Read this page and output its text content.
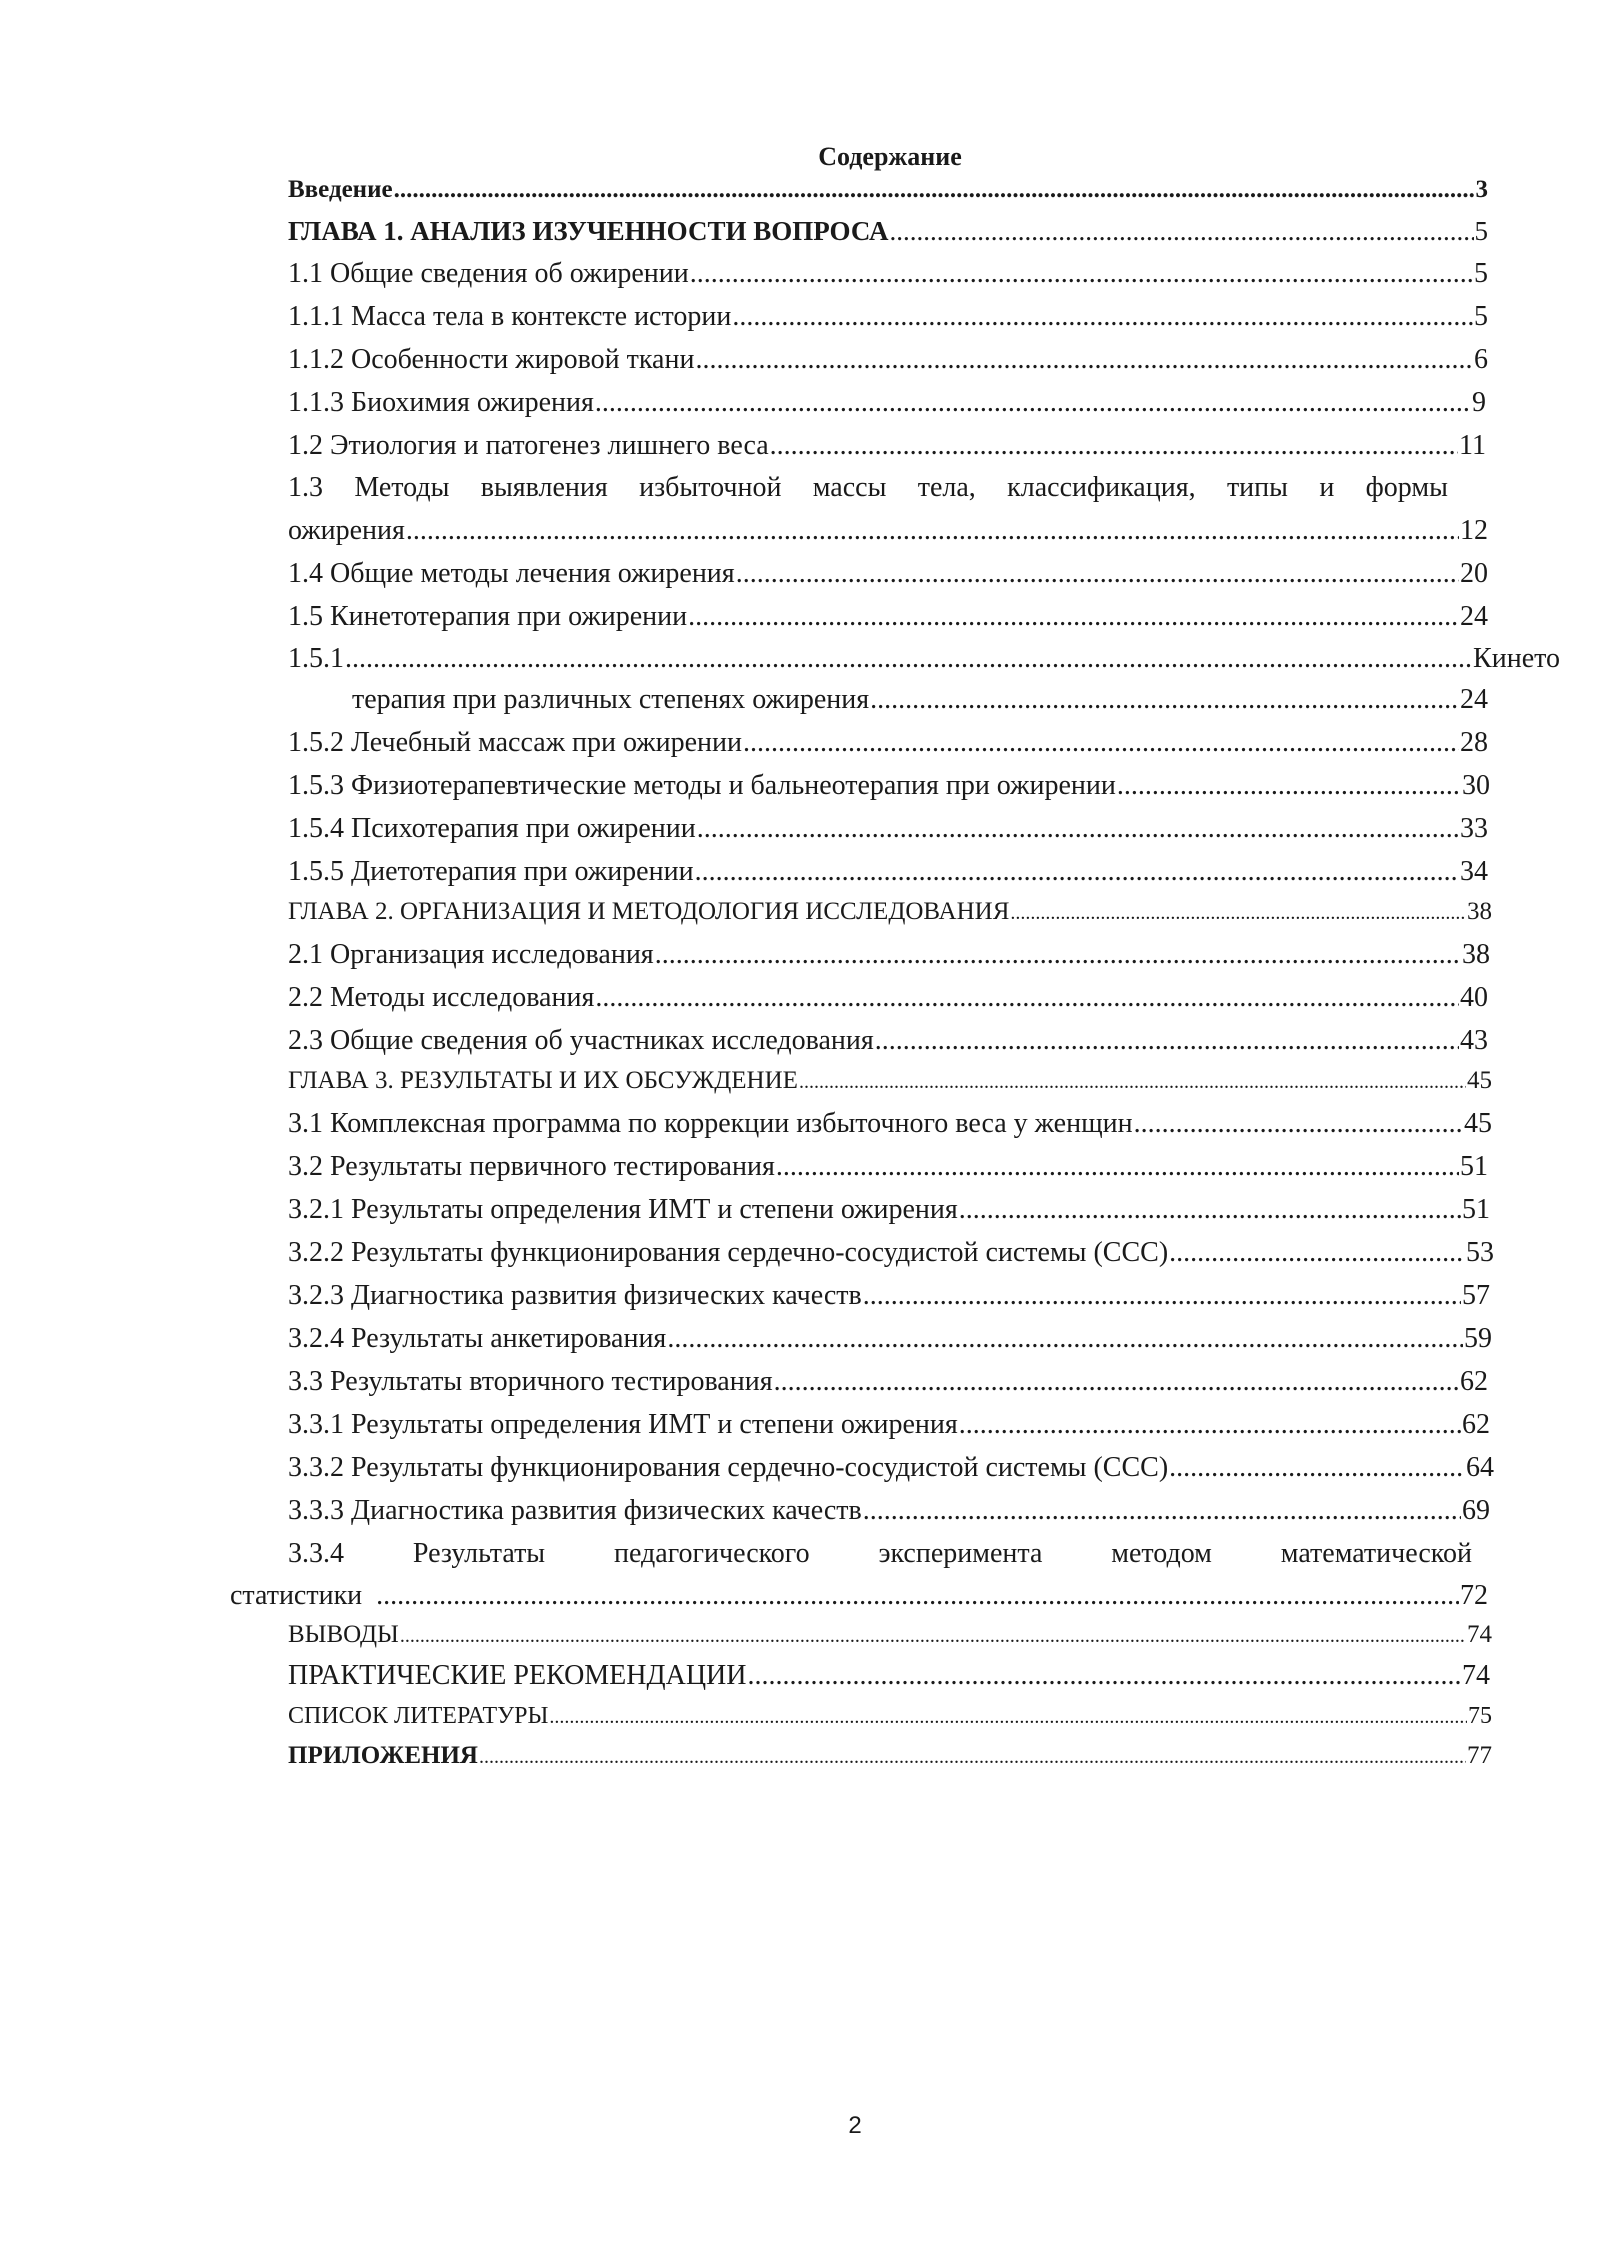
Содержание
Введение .....	3
ГЛАВА 1. АНАЛИЗ ИЗУЧЕННОСТИ ВОПРОСА .....	5
1.1 Общие сведения об ожирении .....	5
1.1.1 Масса тела в контексте истории .....	5
1.1.2 Особенности жировой ткани .....	6
1.1.3 Биохимия ожирения .....	9
1.2 Этиология и патогенез лишнего веса .....	11
1.3 Методы выявления избыточной массы тела, классификация, типы и формы
ожирения .....	12
1.4 Общие методы лечения ожирения .....	20
1.5 Кинетотерапия при ожирении .....	24
1.5.1 .....	Кинето
терапия при различных степенях ожирения .....	24
1.5.2 Лечебный массаж при ожирении .....	28
1.5.3 Физиотерапевтические методы и бальнеотерапия при ожирении .....	30
1.5.4 Психотерапия при ожирении .....	33
1.5.5 Диетотерапия при ожирении .....	34
ГЛАВА 2. ОРГАНИЗАЦИЯ И МЕТОДОЛОГИЯ ИССЛЕДОВАНИЯ .....	38
2.1 Организация исследования .....	38
2.2 Методы исследования .....	40
2.3 Общие сведения об участниках исследования .....	43
ГЛАВА 3. РЕЗУЛЬТАТЫ И ИХ ОБСУЖДЕНИЕ .....	45
3.1 Комплексная программа по коррекции избыточного веса у женщин .....	45
3.2 Результаты первичного тестирования .....	51
3.2.1 Результаты определения ИМТ и степени ожирения .....	51
3.2.2 Результаты функционирования сердечно-сосудистой системы (ССС) .....	53
3.2.3 Диагностика развития физических качеств .....	57
3.2.4 Результаты анкетирования .....	59
3.3 Результаты вторичного тестирования .....	62
3.3.1 Результаты определения ИМТ и степени ожирения .....	62
3.3.2 Результаты функционирования сердечно-сосудистой системы (ССС) .....	64
3.3.3 Диагностика развития физических качеств .....	69
3.3.4 Результаты педагогического эксперимента методом математической
статистики .....	72
ВЫВОДЫ .....	74
ПРАКТИЧЕСКИЕ РЕКОМЕНДАЦИИ .....	74
СПИСОК ЛИТЕРАТУРЫ .....	75
ПРИЛОЖЕНИЯ .....	77
2
